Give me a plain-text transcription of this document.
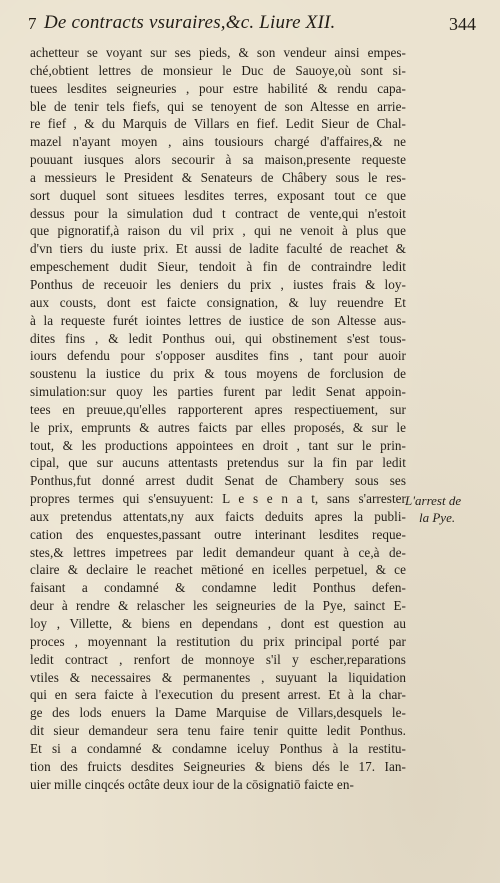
7 De contracts vsuraires,&c. Liure XII.	344
achetteur se voyant sur ses pieds, & son vendeur ainsi empes-
ché,obtient lettres de monsieur le Duc de Sauoye,où sont si-
tuees lesdites seigneuries , pour estre habilité & rendu capa-
ble de tenir tels fiefs, qui se tenoyent de son Altesse en arrie-
re fief , & du Marquis de Villars en fief. Ledit Sieur de Chal-
mazel n'ayant moyen , ains tousiours chargé d'affaires,& ne
pouuant iusques alors secourir à sa maison,presente requeste
a messieurs le President & Senateurs de Châbery sous le res-
sort duquel sont situees lesdites terres, exposant tout ce que
dessus pour la simulation dud t contract de vente,qui n'estoit
que pignoratif,à raison du vil prix , qui ne venoit à plus que
d'vn tiers du iuste prix. Et aussi de ladite faculté de reachet &
empeschement dudit Sieur, tendoit à fin de contraindre ledit
Ponthus de receuoir les deniers du prix , iustes frais & loy-
aux cousts, dont est faicte consignation, & luy reuendre Et
à la requeste furét iointes lettres de iustice de son Altesse aus-
dites fins , & ledit Ponthus oui, qui obstinement s'est tous-
iours defendu pour s'opposer ausdites fins , tant pour auoir
soustenu la iustice du prix & tous moyens de forclusion de
simulation:sur quoy les parties furent par ledit Senat appoin-
tees en preuue,qu'elles rapporterent apres respectiuement, sur
le prix, emprunts & autres faicts par elles proposés, & sur le
tout, & les productions appointees en droit , tant sur le prin-
cipal, que sur aucuns attentasts pretendus sur la fin par ledit
Ponthus,fut donné arrest dudit Senat de Chambery sous ses
propres termes qui s'ensuyuent: L e s e n a t, sans s'arrester
aux pretendus attentats,ny aux faicts deduits apres la publi-
cation des enquestes,passant outre interinant lesdites reque-
stes,& lettres impetrees par ledit demandeur quant à ce,à de-
claire & declaire le reachet mētioné en icelles perpetuel, & ce
faisant a condamné & condamne ledit Ponthus defen-
deur à rendre & relascher les seigneuries de la Pye, sainct E-
loy , Villette, & biens en dependans , dont est question au
proces , moyennant la restitution du prix principal porté par
ledit contract , renfort de monnoye s'il y escher,reparations
vtiles & necessaires & permanentes , suyuant la liquidation
qui en sera faicte à l'execution du present arrest. Et à la char-
ge des lods enuers la Dame Marquise de Villars,desquels le-
dit sieur demandeur sera tenu faire tenir quitte ledit Ponthus.
Et si a condamné & condamne iceluy Ponthus à la restitu-
tion des fruicts desdites Seigneuries & biens dés le 17. Ian-
uier mille cinqcés octâte deux iour de la cōsignatiō faicte en-
L'arrest de
la Pye.
